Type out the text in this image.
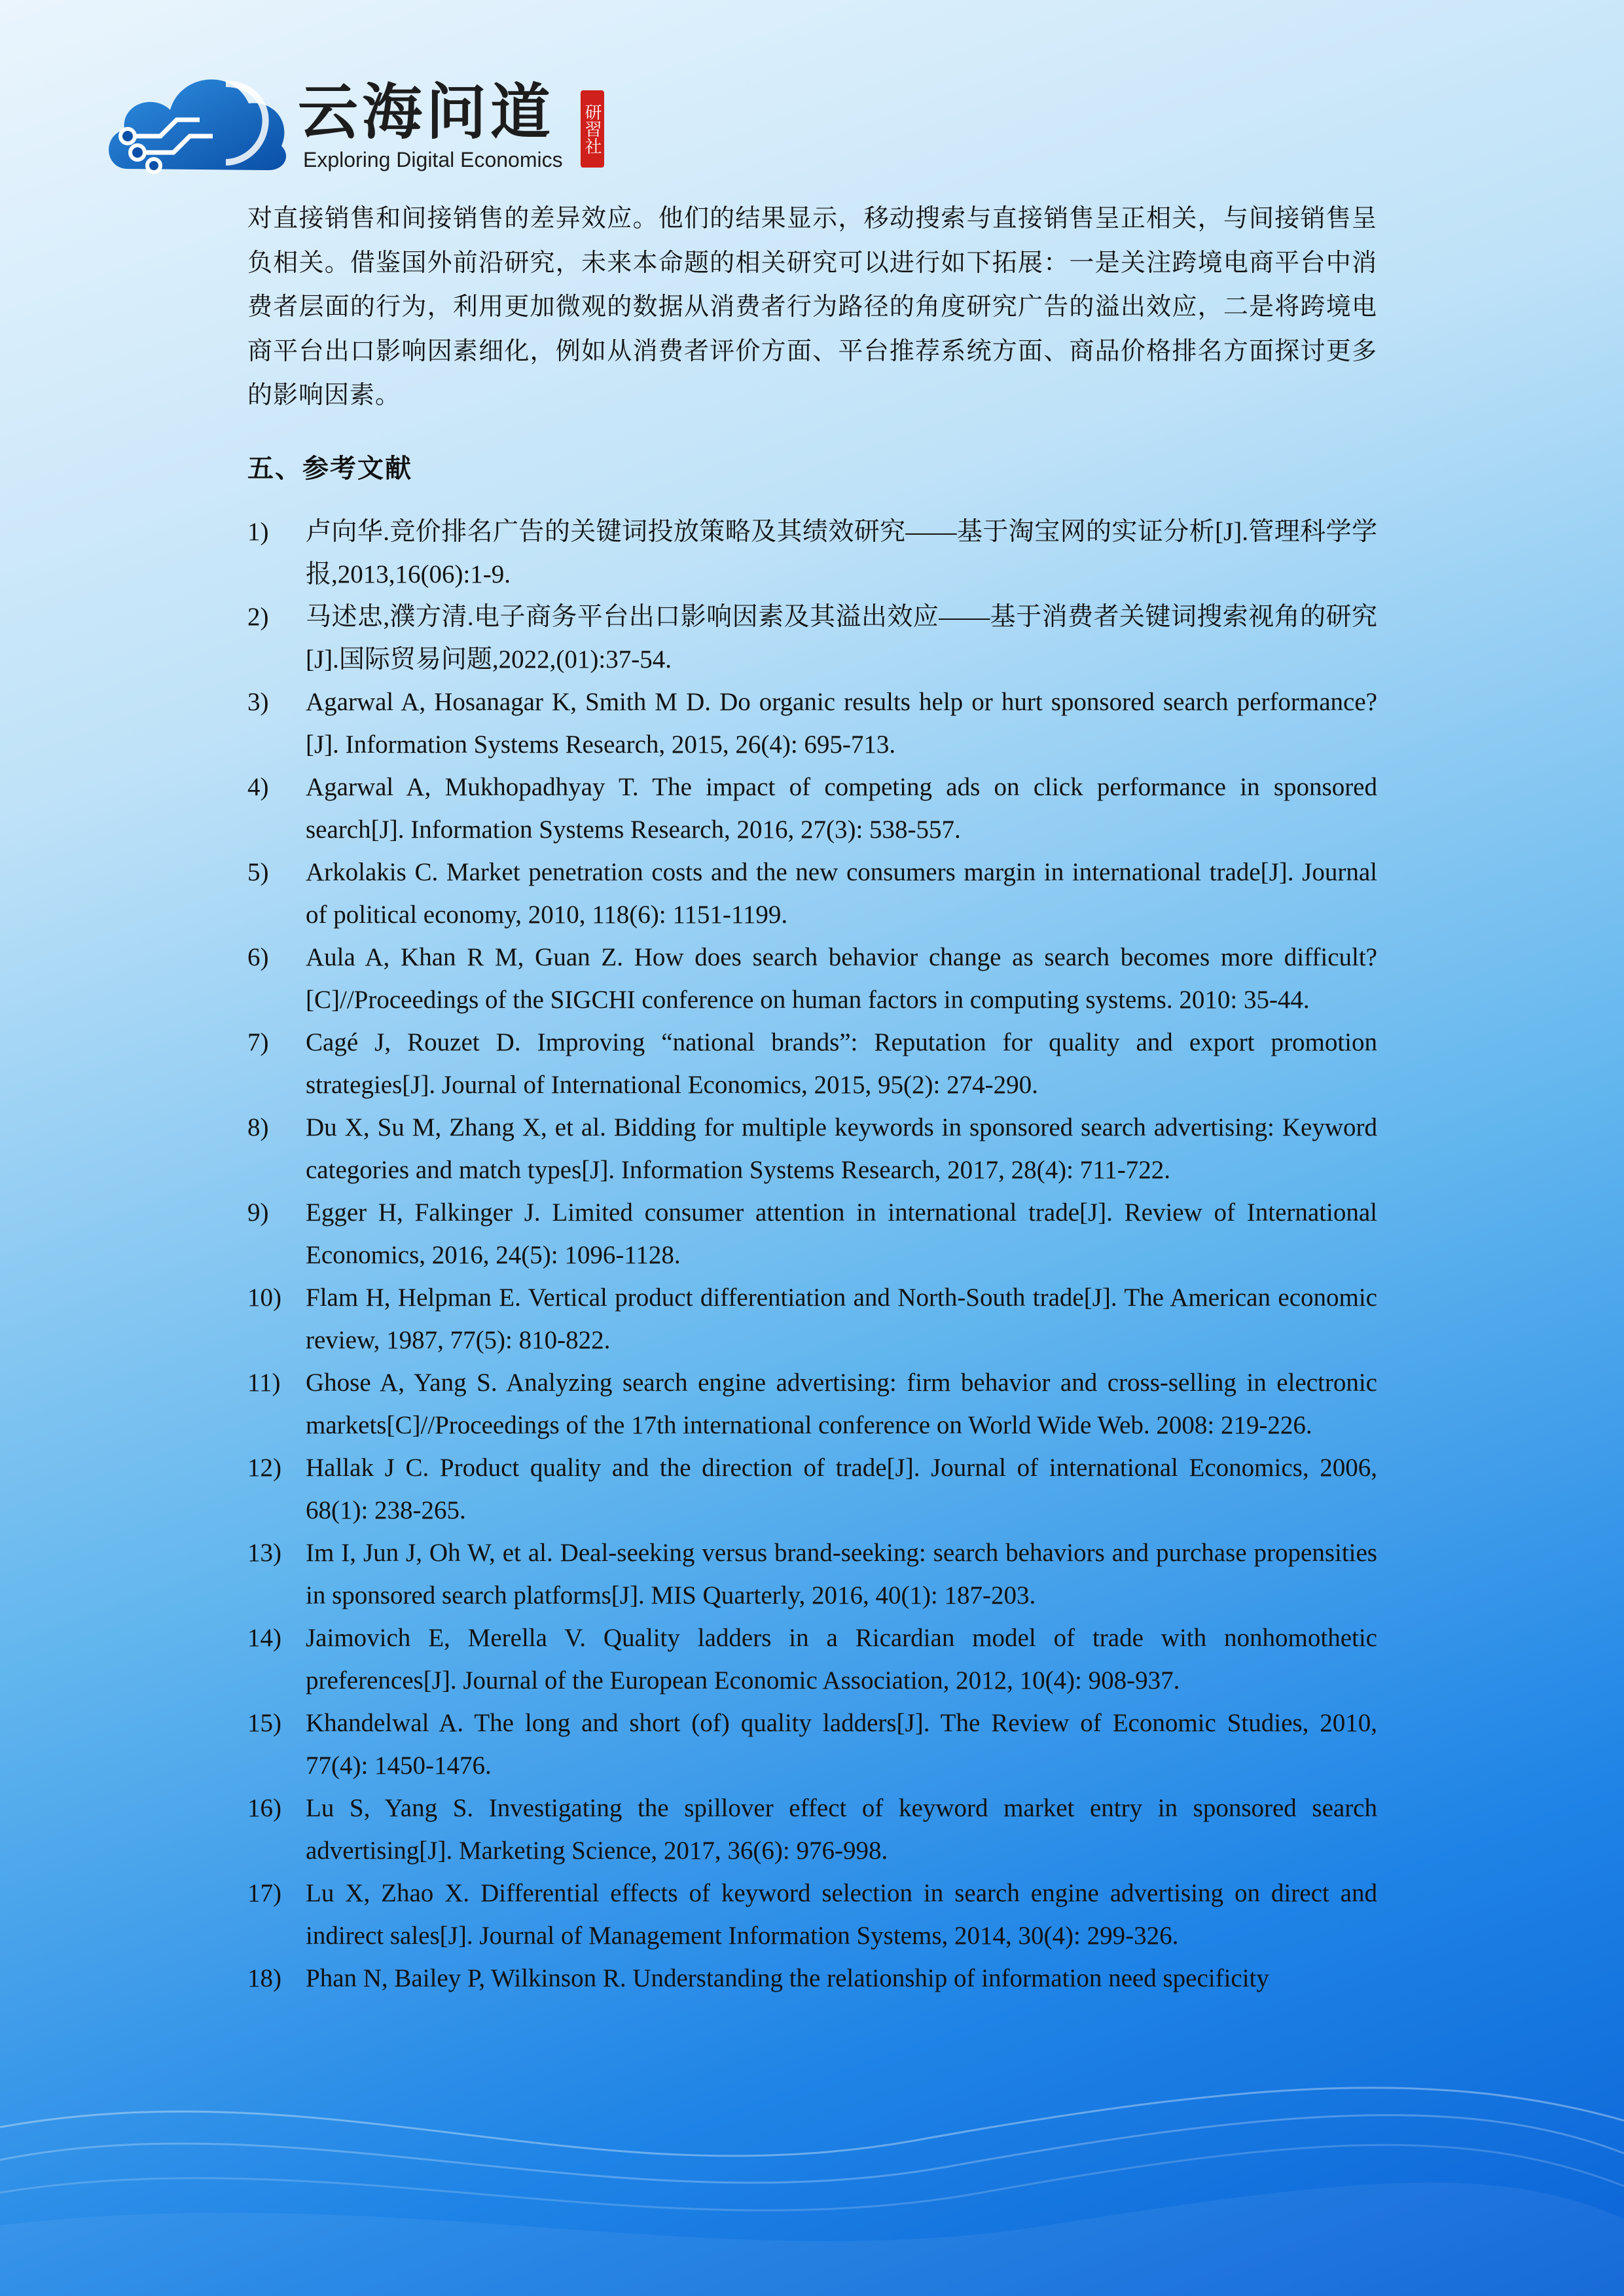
云海问道
Exploring Digital Economics
研習社

对直接销售和间接销售的差异效应。他们的结果显示，移动搜索与直接销售呈正相关，与间接销售呈负相关。借鉴国外前沿研究，未来本命题的相关研究可以进行如下拓展：一是关注跨境电商平台中消费者层面的行为，利用更加微观的数据从消费者行为路径的角度研究广告的溢出效应，二是将跨境电商平台出口影响因素细化，例如从消费者评价方面、平台推荐系统方面、商品价格排名方面探讨更多的影响因素。

五、参考文献

1) 卢向华.竞价排名广告的关键词投放策略及其绩效研究——基于淘宝网的实证分析[J].管理科学学报,2013,16(06):1-9.

2) 马述忠,濮方清.电子商务平台出口影响因素及其溢出效应——基于消费者关键词搜索视角的研究[J].国际贸易问题,2022,(01):37-54.

3) Agarwal A, Hosanagar K, Smith M D. Do organic results help or hurt sponsored search performance?[J]. Information Systems Research, 2015, 26(4): 695-713.

4) Agarwal A, Mukhopadhyay T. The impact of competing ads on click performance in sponsored search[J]. Information Systems Research, 2016, 27(3): 538-557.

5) Arkolakis C. Market penetration costs and the new consumers margin in international trade[J]. Journal of political economy, 2010, 118(6): 1151-1199.

6) Aula A, Khan R M, Guan Z. How does search behavior change as search becomes more difficult?[C]//Proceedings of the SIGCHI conference on human factors in computing systems. 2010: 35-44.

7) Cagé J, Rouzet D. Improving “national brands”: Reputation for quality and export promotion strategies[J]. Journal of International Economics, 2015, 95(2): 274-290.

8) Du X, Su M, Zhang X, et al. Bidding for multiple keywords in sponsored search advertising: Keyword categories and match types[J]. Information Systems Research, 2017, 28(4): 711-722.

9) Egger H, Falkinger J. Limited consumer attention in international trade[J]. Review of International Economics, 2016, 24(5): 1096-1128.

10) Flam H, Helpman E. Vertical product differentiation and North-South trade[J]. The American economic review, 1987, 77(5): 810-822.

11) Ghose A, Yang S. Analyzing search engine advertising: firm behavior and cross-selling in electronic markets[C]//Proceedings of the 17th international conference on World Wide Web. 2008: 219-226.

12) Hallak J C. Product quality and the direction of trade[J]. Journal of international Economics, 2006, 68(1): 238-265.

13) Im I, Jun J, Oh W, et al. Deal-seeking versus brand-seeking: search behaviors and purchase propensities in sponsored search platforms[J]. MIS Quarterly, 2016, 40(1): 187-203.

14) Jaimovich E, Merella V. Quality ladders in a Ricardian model of trade with nonhomothetic preferences[J]. Journal of the European Economic Association, 2012, 10(4): 908-937.

15) Khandelwal A. The long and short (of) quality ladders[J]. The Review of Economic Studies, 2010, 77(4): 1450-1476.

16) Lu S, Yang S. Investigating the spillover effect of keyword market entry in sponsored search advertising[J]. Marketing Science, 2017, 36(6): 976-998.

17) Lu X, Zhao X. Differential effects of keyword selection in search engine advertising on direct and indirect sales[J]. Journal of Management Information Systems, 2014, 30(4): 299-326.

18) Phan N, Bailey P, Wilkinson R. Understanding the relationship of information need specificity
